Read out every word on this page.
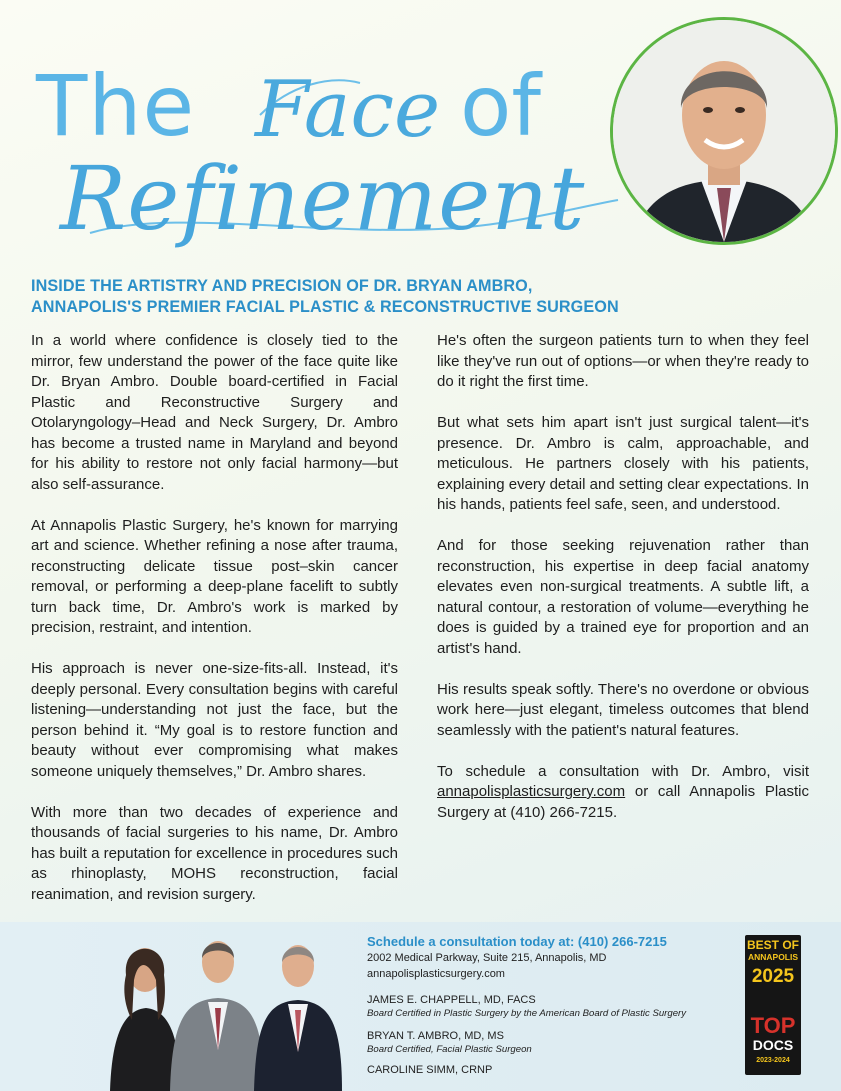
The Face of
Refinement
INSIDE THE ARTISTRY AND PRECISION OF DR. BRYAN AMBRO,
ANNAPOLIS'S PREMIER FACIAL PLASTIC & RECONSTRUCTIVE SURGEON

In a world where confidence is closely tied to the mirror, few understand the power of the face quite like Dr. Bryan Ambro. Double board-certified in Facial Plastic and Reconstructive Surgery and Otolaryngology–Head and Neck Surgery, Dr. Ambro has become a trusted name in Maryland and beyond for his ability to restore not only facial harmony—but also self-assurance.

At Annapolis Plastic Surgery, he's known for marrying art and science. Whether refining a nose after trauma, reconstructing delicate tissue post–skin cancer removal, or performing a deep-plane facelift to subtly turn back time, Dr. Ambro's work is marked by precision, restraint, and intention.

His approach is never one-size-fits-all. Instead, it's deeply personal. Every consultation begins with careful listening—understanding not just the face, but the person behind it. “My goal is to restore function and beauty without ever compromising what makes someone uniquely themselves,” Dr. Ambro shares.

With more than two decades of experience and thousands of facial surgeries to his name, Dr. Ambro has built a reputation for excellence in procedures such as rhinoplasty, MOHS reconstruction, facial reanimation, and revision surgery.

He's often the surgeon patients turn to when they feel like they've run out of options—or when they're ready to do it right the first time.

But what sets him apart isn't just surgical talent—it's presence. Dr. Ambro is calm, approachable, and meticulous. He partners closely with his patients, explaining every detail and setting clear expectations. In his hands, patients feel safe, seen, and understood.

And for those seeking rejuvenation rather than reconstruction, his expertise in deep facial anatomy elevates even non-surgical treatments. A subtle lift, a natural contour, a restoration of volume—everything he does is guided by a trained eye for proportion and an artist's hand.

His results speak softly. There's no overdone or obvious work here—just elegant, timeless outcomes that blend seamlessly with the patient's natural features.

To schedule a consultation with Dr. Ambro, visit annapolisplasticsurgery.com or call Annapolis Plastic Surgery at (410) 266-7215.

Schedule a consultation today at: (410) 266-7215
2002 Medical Parkway, Suite 215, Annapolis, MD
annapolisplasticsurgery.com
JAMES E. CHAPPELL, MD, FACS
Board Certified in Plastic Surgery by the American Board of Plastic Surgery
BRYAN T. AMBRO, MD, MS
Board Certified, Facial Plastic Surgeon
CAROLINE SIMM, CRNP
BEST OF
ANNAPOLIS
2025
TOP
DOCS
2023-2024
